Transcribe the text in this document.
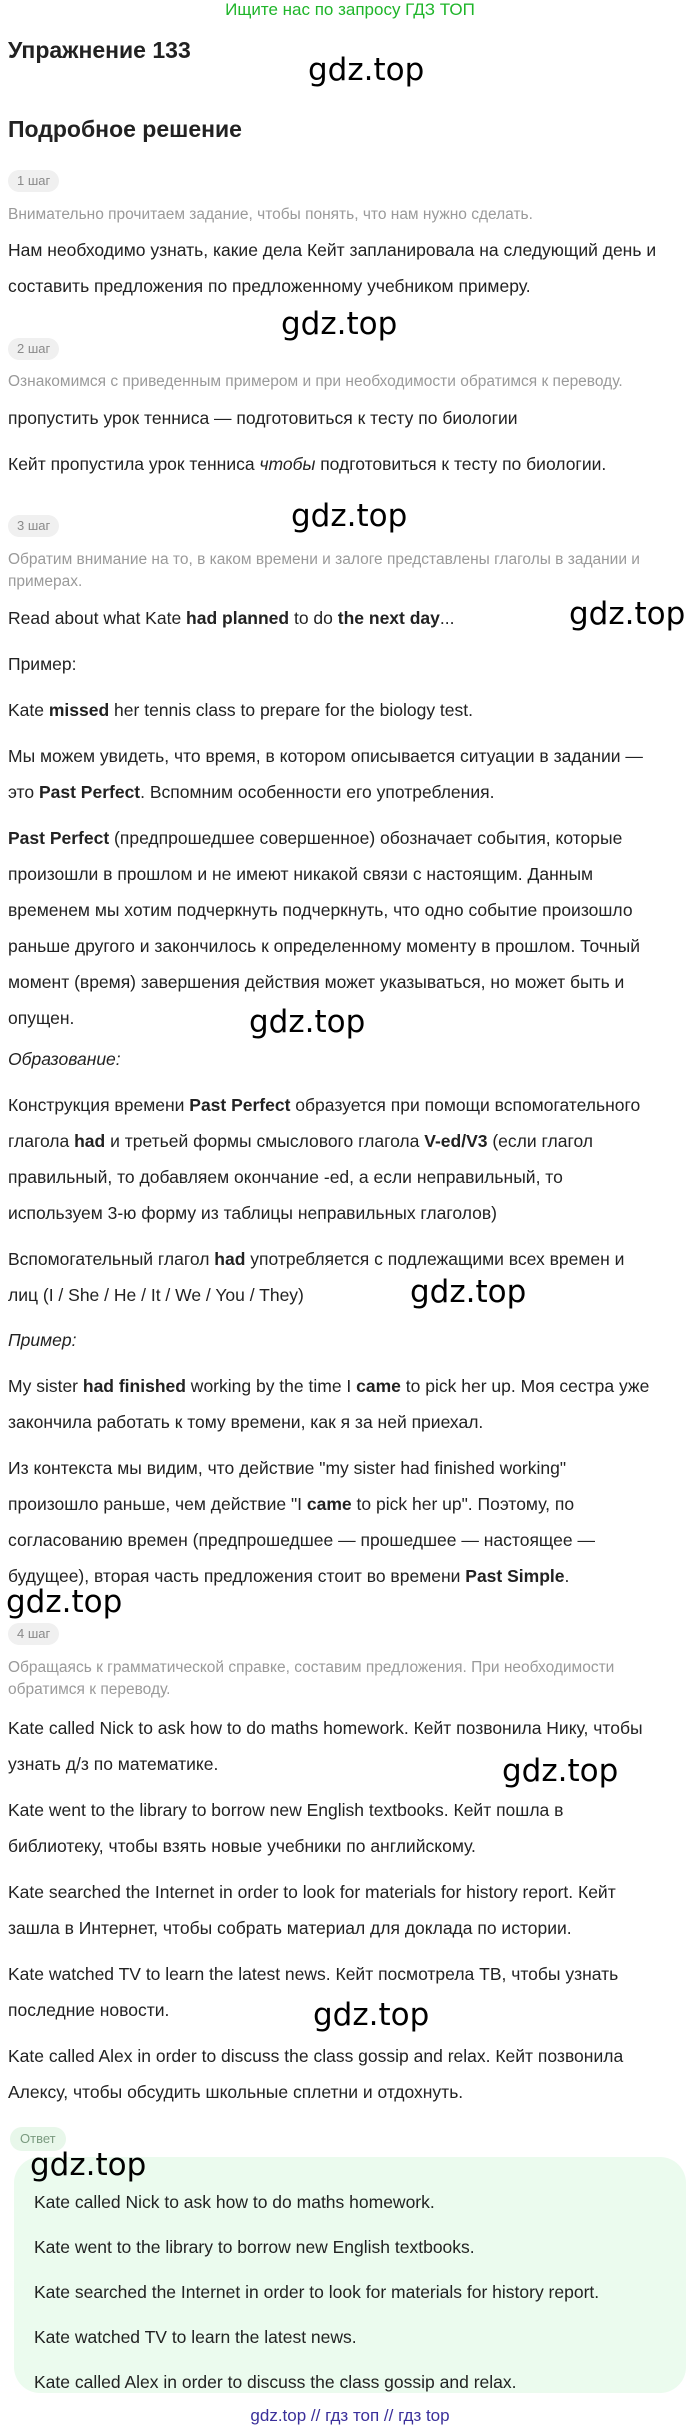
Ищите нас по запросу ГДЗ ТОП
Упражнение 133
gdz.top
Подробное решение
1 шаг
Внимательно прочитаем задание, чтобы понять, что нам нужно сделать.
Нам необходимо узнать, какие дела Кейт запланировала на следующий день и
составить предложения по предложенному учебником примеру.
gdz.top
2 шаг
Ознакомимся с приведенным примером и при необходимости обратимся к переводу.
пропустить урок тенниса — подготовиться к тесту по биологии
Кейт пропустила урок тенниса чтобы подготовиться к тесту по биологии.
gdz.top
3 шаг
Обратим внимание на то, в каком времени и залоге представлены глаголы в задании и
примерах.
Read about what Kate had planned to do the next day...	gdz.top
Пример:
Kate missed her tennis class to prepare for the biology test.
Мы можем увидеть, что время, в котором описывается ситуации в задании —
это Past Perfect. Вспомним особенности его употребления.
Past Perfect (предпрошедшее совершенное) обозначает события, которые
произошли в прошлом и не имеют никакой связи с настоящим. Данным
временем мы хотим подчеркнуть подчеркнуть, что одно событие произошло
раньше другого и закончилось к определенному моменту в прошлом. Точный
момент (время) завершения действия может указываться, но может быть и
опущен.	gdz.top
Образование:
Конструкция времени Past Perfect образуется при помощи вспомогательного
глагола had и третьей формы смыслового глагола V-ed/V3 (если глагол
правильный, то добавляем окончание -ed, а если неправильный, то
используем 3-ю форму из таблицы неправильных глаголов)
Вспомогательный глагол had употребляется с подлежащими всех времен и
лиц (I / She / He / It / We / You / They)	gdz.top
Пример:
My sister had finished working by the time I came to pick her up. Моя сестра уже
закончила работать к тому времени, как я за ней приехал.
Из контекста мы видим, что действие "my sister had finished working"
произошло раньше, чем действие "I came to pick her up". Поэтому, по
согласованию времен (предпрошедшее — прошедшее — настоящее —
будущее), вторая часть предложения стоит во времени Past Simple.
gdz.top
4 шаг
Обращаясь к грамматической справке, составим предложения. При необходимости
обратимся к переводу.
Kate called Nick to ask how to do maths homework. Кейт позвонила Нику, чтобы
узнать д/з по математике.	gdz.top
Kate went to the library to borrow new English textbooks. Кейт пошла в
библиотеку, чтобы взять новые учебники по английскому.
Kate searched the Internet in order to look for materials for history report. Кейт
зашла в Интернет, чтобы собрать материал для доклада по истории.
Kate watched TV to learn the latest news. Кейт посмотрела ТВ, чтобы узнать
последние новости.	gdz.top
Kate called Alex in order to discuss the class gossip and relax. Кейт позвонила
Алексу, чтобы обсудить школьные сплетни и отдохнуть.
Ответ
gdz.top
Kate called Nick to ask how to do maths homework.
Kate went to the library to borrow new English textbooks.
Kate searched the Internet in order to look for materials for history report.
Kate watched TV to learn the latest news.
Kate called Alex in order to discuss the class gossip and relax.
gdz.top // гдз топ // гдз top
